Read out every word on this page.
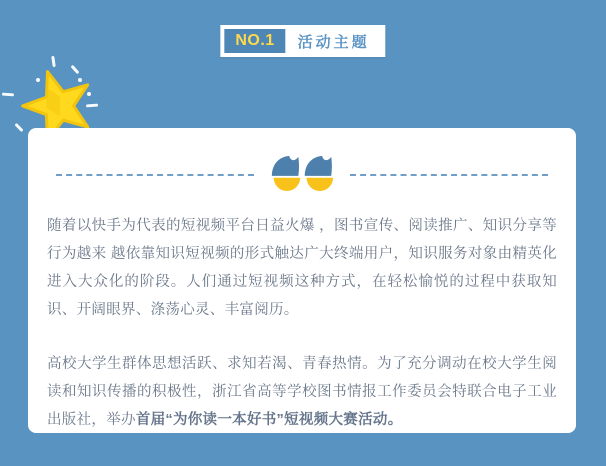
NO.1	活动主题

随着以快手为代表的短视频平台日益火爆 ，图书宣传、阅读推广、知识分享等行为越来 越依靠知识短视频的形式触达广大终端用户，知识服务对象由精英化进入大众化的阶段。人们通过短视频这种方式，在轻松愉悦的过程中获取知识、开阔眼界、涤荡心灵、丰富阅历。

高校大学生群体思想活跃、求知若渴、青春热情。为了充分调动在校大学生阅读和知识传播的积极性，浙江省高等学校图书情报工作委员会特联合电子工业出版社，举办首届“为你读一本好书”短视频大赛活动。
